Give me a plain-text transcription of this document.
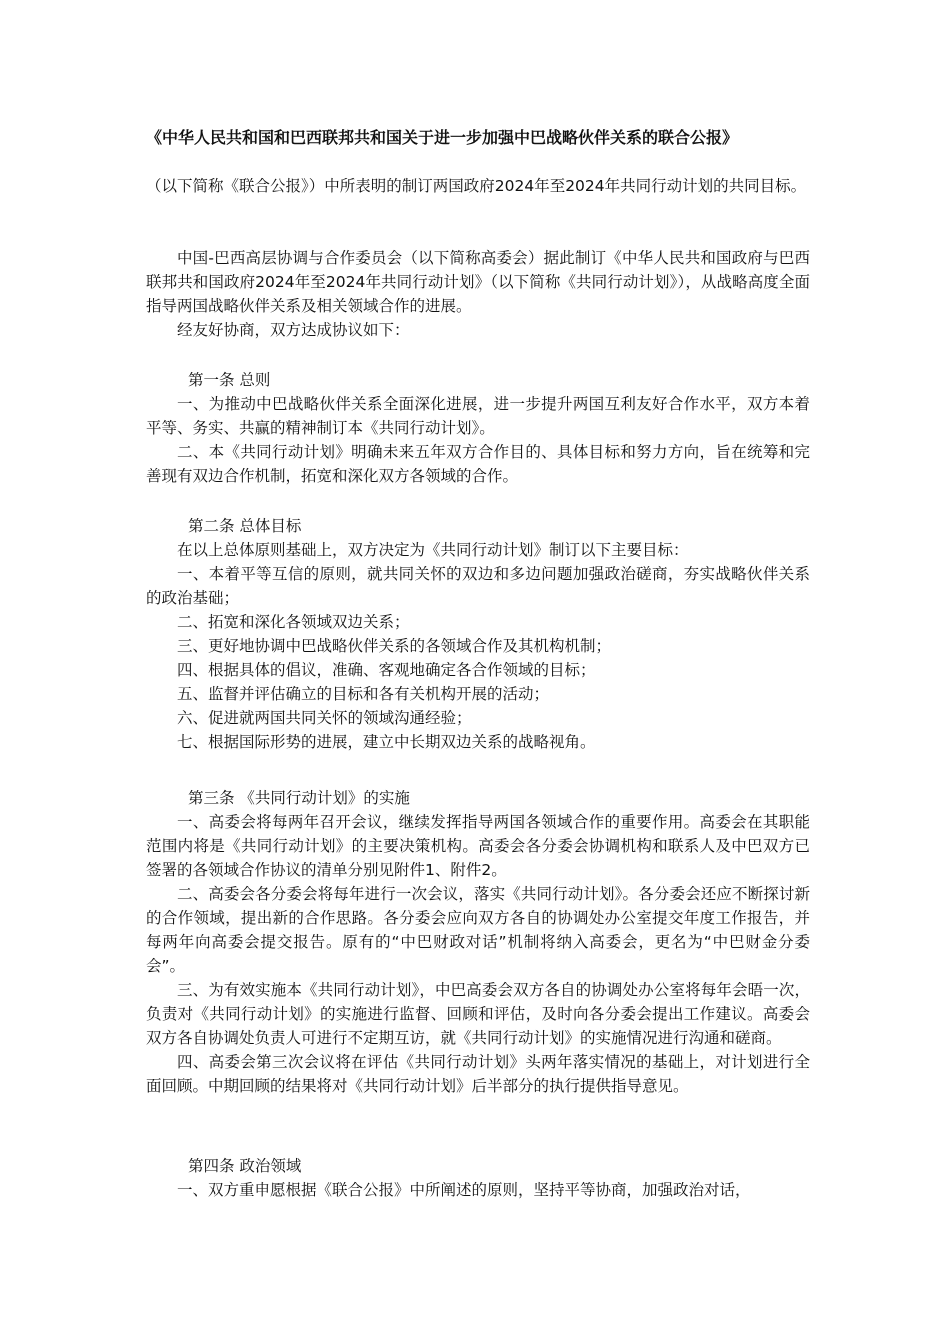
《中华人民共和国和巴西联邦共和国关于进一步加强中巴战略伙伴关系的联合公报》

（以下简称《联合公报》）中所表明的制订两国政府2024年至2024年共同行动计划的共同目标。

中国-巴西高层协调与合作委员会（以下简称高委会）据此制订《中华人民共和国政府与巴西联邦共和国政府2024年至2024年共同行动计划》（以下简称《共同行动计划》），从战略高度全面指导两国战略伙伴关系及相关领域合作的进展。

经友好协商，双方达成协议如下：

第一条 总则

一、为推动中巴战略伙伴关系全面深化进展，进一步提升两国互利友好合作水平，双方本着平等、务实、共赢的精神制订本《共同行动计划》。

二、本《共同行动计划》明确未来五年双方合作目的、具体目标和努力方向，旨在统筹和完善现有双边合作机制，拓宽和深化双方各领域的合作。

第二条 总体目标

在以上总体原则基础上，双方决定为《共同行动计划》制订以下主要目标：

一、本着平等互信的原则，就共同关怀的双边和多边问题加强政治磋商，夯实战略伙伴关系的政治基础；

二、拓宽和深化各领域双边关系；

三、更好地协调中巴战略伙伴关系的各领域合作及其机构机制；

四、根据具体的倡议，准确、客观地确定各合作领域的目标；

五、监督并评估确立的目标和各有关机构开展的活动；

六、促进就两国共同关怀的领域沟通经验；

七、根据国际形势的进展，建立中长期双边关系的战略视角。

第三条 《共同行动计划》的实施

一、高委会将每两年召开会议，继续发挥指导两国各领域合作的重要作用。高委会在其职能范围内将是《共同行动计划》的主要决策机构。高委会各分委会协调机构和联系人及中巴双方已签署的各领域合作协议的清单分别见附件1、附件2。

二、高委会各分委会将每年进行一次会议，落实《共同行动计划》。各分委会还应不断探讨新的合作领域，提出新的合作思路。各分委会应向双方各自的协调处办公室提交年度工作报告，并每两年向高委会提交报告。原有的“中巴财政对话”机制将纳入高委会，更名为“中巴财金分委会”。

三、为有效实施本《共同行动计划》，中巴高委会双方各自的协调处办公室将每年会晤一次，负责对《共同行动计划》的实施进行监督、回顾和评估，及时向各分委会提出工作建议。高委会双方各自协调处负责人可进行不定期互访，就《共同行动计划》的实施情况进行沟通和磋商。

四、高委会第三次会议将在评估《共同行动计划》头两年落实情况的基础上，对计划进行全面回顾。中期回顾的结果将对《共同行动计划》后半部分的执行提供指导意见。

第四条 政治领域

一、双方重申愿根据《联合公报》中所阐述的原则，坚持平等协商，加强政治对话，
